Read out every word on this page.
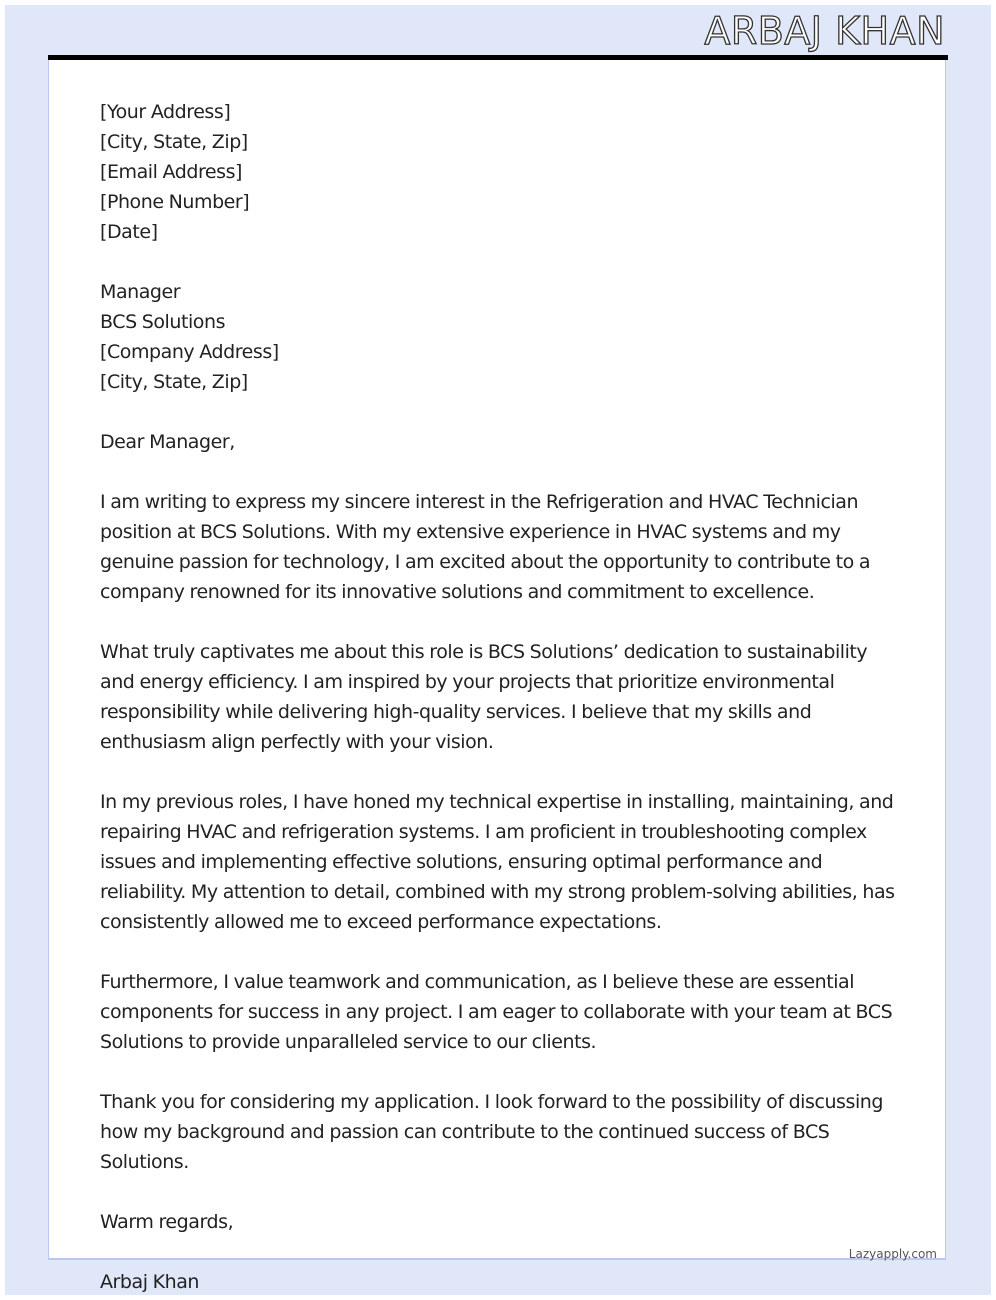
ARBAJ KHAN
[Your Address]
[City, State, Zip]
[Email Address]
[Phone Number]
[Date]
Manager
BCS Solutions
[Company Address]
[City, State, Zip]

Dear Manager,

I am writing to express my sincere interest in the Refrigeration and HVAC Technician position at BCS Solutions. With my extensive experience in HVAC systems and my genuine passion for technology, I am excited about the opportunity to contribute to a company renowned for its innovative solutions and commitment to excellence.

What truly captivates me about this role is BCS Solutions’ dedication to sustainability and energy efficiency. I am inspired by your projects that prioritize environmental responsibility while delivering high-quality services. I believe that my skills and enthusiasm align perfectly with your vision.

In my previous roles, I have honed my technical expertise in installing, maintaining, and repairing HVAC and refrigeration systems. I am proficient in troubleshooting complex issues and implementing effective solutions, ensuring optimal performance and reliability. My attention to detail, combined with my strong problem-solving abilities, has consistently allowed me to exceed performance expectations.

Furthermore, I value teamwork and communication, as I believe these are essential components for success in any project. I am eager to collaborate with your team at BCS Solutions to provide unparalleled service to our clients.

Thank you for considering my application. I look forward to the possibility of discussing how my background and passion can contribute to the continued success of BCS Solutions.

Warm regards,

Arbaj Khan
Lazyapply.com
